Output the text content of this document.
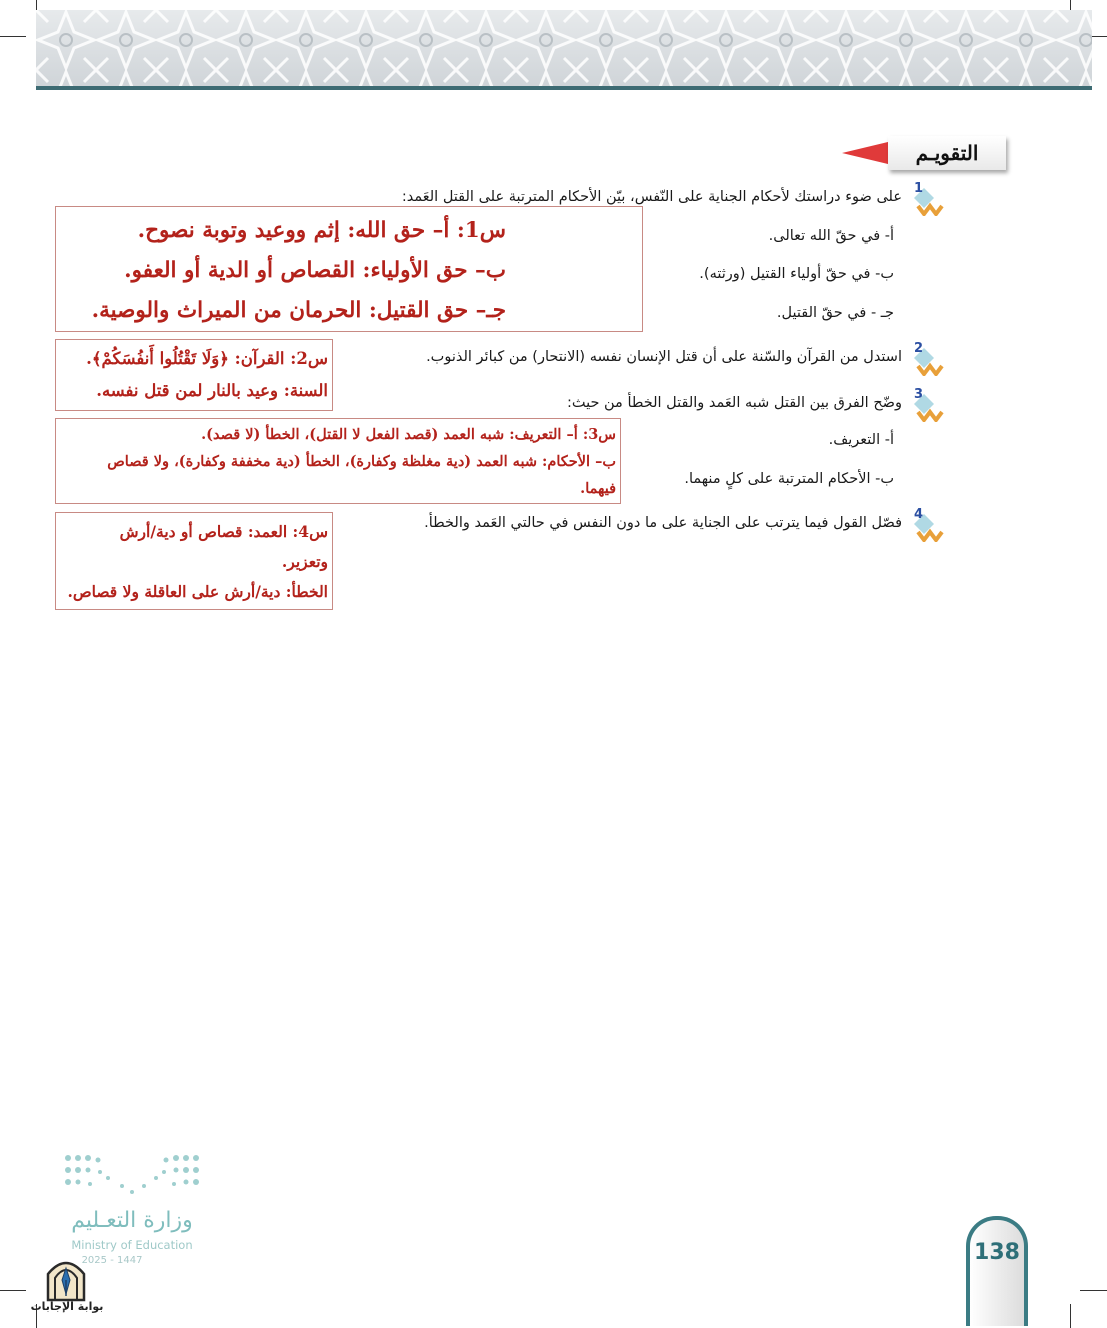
التقويـم
1
على ضوء دراستك لأحكام الجناية على النّفس، بيّن الأحكام المترتبة على القتل العَمد:
أ- في حقّ الله تعالى.
ب- في حقّ أولياء القتيل (ورثته).
جـ - في حقّ القتيل.
س1: أ– حق الله: إثم ووعيد وتوبة نصوح.
ب– حق الأولياء: القصاص أو الدية أو العفو.
جـ– حق القتيل: الحرمان من الميراث والوصية.
2
استدل من القرآن والسّنة على أن قتل الإنسان نفسه (الانتحار) من كبائر الذنوب.
س2: القرآن: ﴿وَلَا تَقْتُلُوا أَنفُسَكُمْ﴾.
السنة: وعيد بالنار لمن قتل نفسه.	3
وضّح الفرق بين القتل شبه العَمد والقتل الخطأ من حيث:
أ- التعريف.
ب- الأحكام المترتبة على كلٍ منهما.
س3: أ– التعريف: شبه العمد (قصد الفعل لا القتل)، الخطأ (لا قصد).
ب– الأحكام: شبه العمد (دية مغلظة وكفارة)، الخطأ (دية مخففة وكفارة)، ولا قصاص
فيهما.
4
فصّل القول فيما يترتب على الجناية على ما دون النفس في حالتي العَمد والخطأ.
س4: العمد: قصاص أو دية/أرش
وتعزير.
الخطأ: دية/أرش على العاقلة ولا قصاص.
وزارة التعـليم
Ministry of Education
2025 - 1447
بوابة الإجابات
138
